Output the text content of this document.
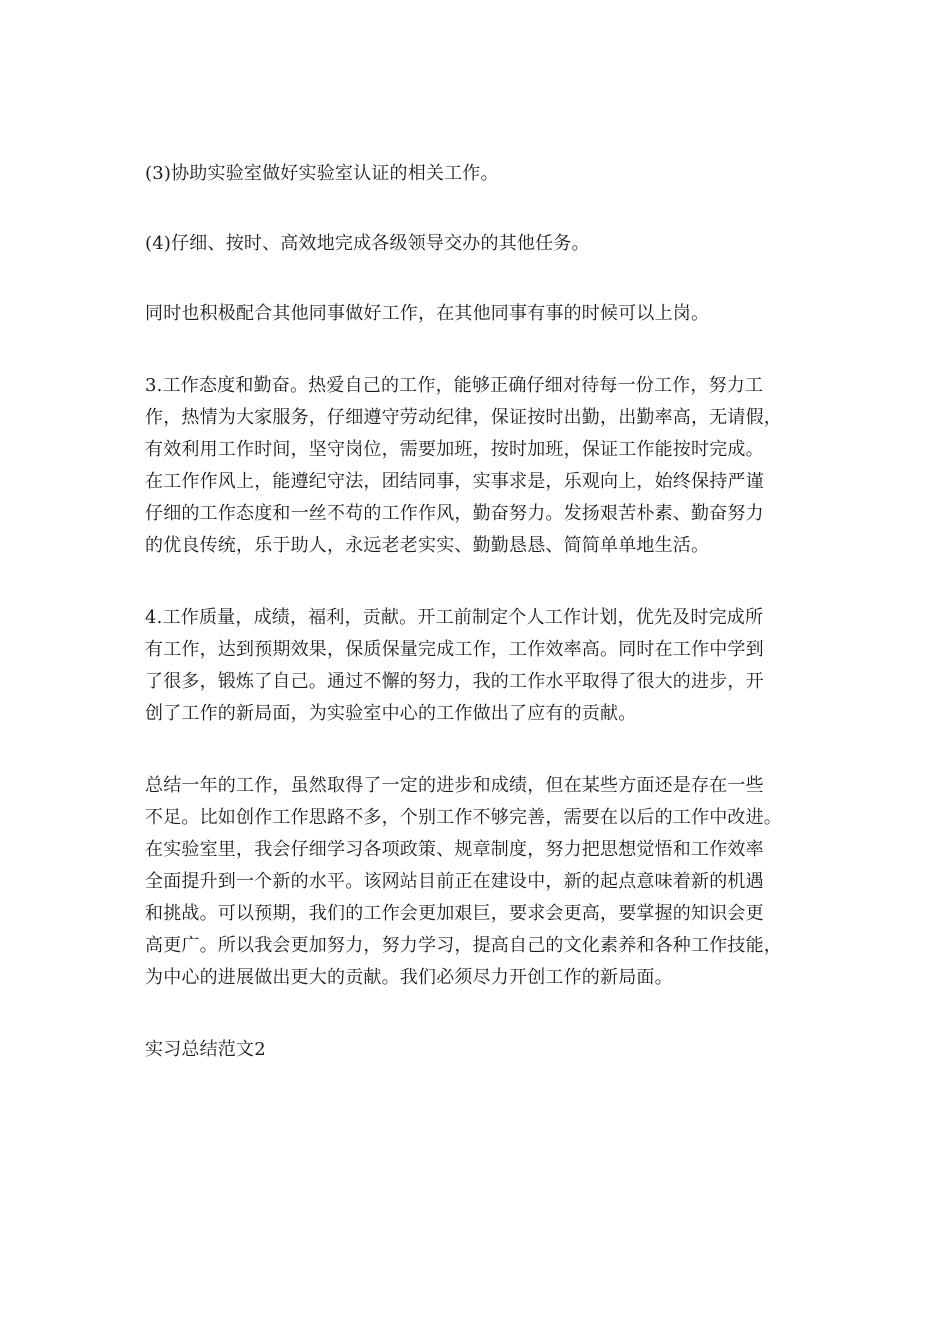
(3)协助实验室做好实验室认证的相关工作。

(4)仔细、按时、高效地完成各级领导交办的其他任务。

同时也积极配合其他同事做好工作，在其他同事有事的时候可以上岗。

3.工作态度和勤奋。热爱自己的工作，能够正确仔细对待每一份工作，努力工
作，热情为大家服务，仔细遵守劳动纪律，保证按时出勤，出勤率高，无请假，
有效利用工作时间，坚守岗位，需要加班，按时加班，保证工作能按时完成。
在工作作风上，能遵纪守法，团结同事，实事求是，乐观向上，始终保持严谨
仔细的工作态度和一丝不苟的工作作风，勤奋努力。发扬艰苦朴素、勤奋努力
的优良传统，乐于助人，永远老老实实、勤勤恳恳、简简单单地生活。

4.工作质量，成绩，福利，贡献。开工前制定个人工作计划，优先及时完成所
有工作，达到预期效果，保质保量完成工作，工作效率高。同时在工作中学到
了很多，锻炼了自己。通过不懈的努力，我的工作水平取得了很大的进步，开
创了工作的新局面，为实验室中心的工作做出了应有的贡献。

总结一年的工作，虽然取得了一定的进步和成绩，但在某些方面还是存在一些
不足。比如创作工作思路不多，个别工作不够完善，需要在以后的工作中改进。
在实验室里，我会仔细学习各项政策、规章制度，努力把思想觉悟和工作效率
全面提升到一个新的水平。该网站目前正在建设中，新的起点意味着新的机遇
和挑战。可以预期，我们的工作会更加艰巨，要求会更高，要掌握的知识会更
高更广。所以我会更加努力，努力学习，提高自己的文化素养和各种工作技能，
为中心的进展做出更大的贡献。我们必须尽力开创工作的新局面。

实习总结范文2
